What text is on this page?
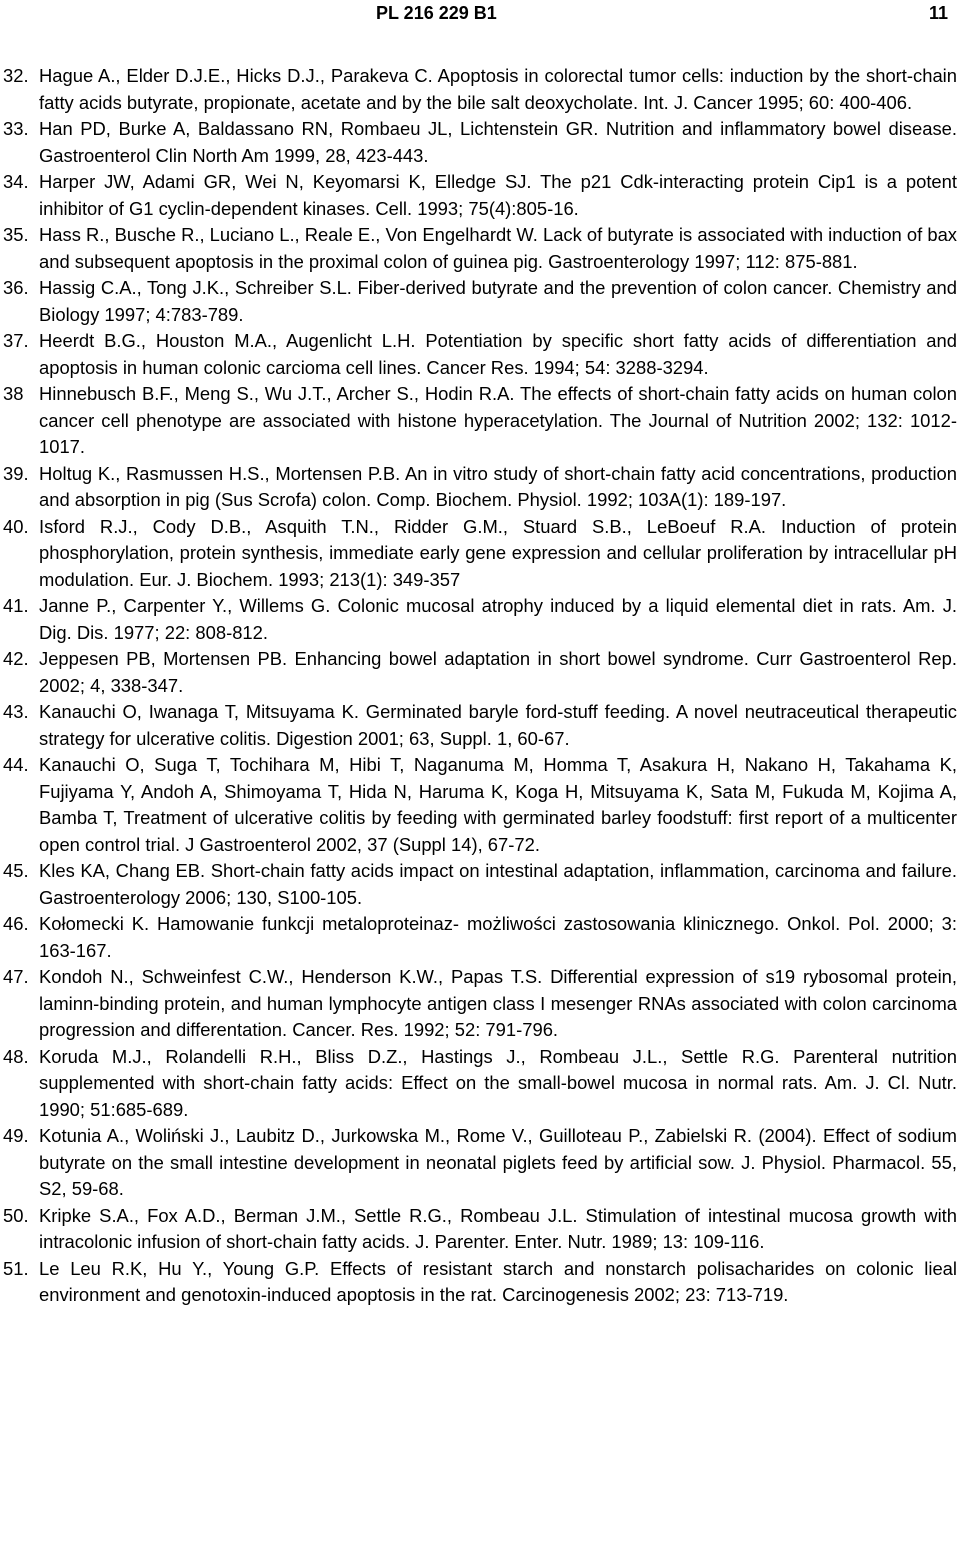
PL 216 229 B1	11
32. Hague A., Elder D.J.E., Hicks D.J., Parakeva C. Apoptosis in colorectal tumor cells: induction by the short-chain fatty acids butyrate, propionate, acetate and by the bile salt deoxycholate. Int. J. Cancer 1995; 60: 400-406.
33. Han PD, Burke A, Baldassano RN, Rombaeu JL, Lichtenstein GR. Nutrition and inflammatory bowel disease. Gastroenterol Clin North Am 1999, 28, 423-443.
34. Harper JW, Adami GR, Wei N, Keyomarsi K, Elledge SJ. The p21 Cdk-interacting protein Cip1 is a potent inhibitor of G1 cyclin-dependent kinases. Cell. 1993; 75(4):805-16.
35. Hass R., Busche R., Luciano L., Reale E., Von Engelhardt W. Lack of butyrate is associated with induction of bax and subsequent apoptosis in the proximal colon of guinea pig. Gastroenterology 1997; 112: 875-881.
36. Hassig C.A., Tong J.K., Schreiber S.L. Fiber-derived butyrate and the prevention of colon cancer. Chemistry and Biology 1997; 4:783-789.
37. Heerdt B.G., Houston M.A., Augenlicht L.H. Potentiation by specific short fatty acids of differentiation and apoptosis in human colonic carcioma cell lines. Cancer Res. 1994; 54: 3288-3294.
38 Hinnebusch B.F., Meng S., Wu J.T., Archer S., Hodin R.A. The effects of short-chain fatty acids on human colon cancer cell phenotype are associated with histone hyperacetylation. The Journal of Nutrition 2002; 132: 1012-1017.
39. Holtug K., Rasmussen H.S., Mortensen P.B. An in vitro study of short-chain fatty acid concentrations, production and absorption in pig (Sus Scrofa) colon. Comp. Biochem. Physiol. 1992; 103A(1): 189-197.
40. Isford R.J., Cody D.B., Asquith T.N., Ridder G.M., Stuard S.B., LeBoeuf R.A. Induction of protein phosphorylation, protein synthesis, immediate early gene expression and cellular proliferation by intracellular pH modulation. Eur. J. Biochem. 1993; 213(1): 349-357
41. Janne P., Carpenter Y., Willems G. Colonic mucosal atrophy induced by a liquid elemental diet in rats. Am. J. Dig. Dis. 1977; 22: 808-812.
42. Jeppesen PB, Mortensen PB. Enhancing bowel adaptation in short bowel syndrome. Curr Gastroenterol Rep. 2002; 4, 338-347.
43. Kanauchi O, Iwanaga T, Mitsuyama K. Germinated baryle ford-stuff feeding. A novel neutraceutical therapeutic strategy for ulcerative colitis. Digestion 2001; 63, Suppl. 1, 60-67.
44. Kanauchi O, Suga T, Tochihara M, Hibi T, Naganuma M, Homma T, Asakura H, Nakano H, Takahama K, Fujiyama Y, Andoh A, Shimoyama T, Hida N, Haruma K, Koga H, Mitsuyama K, Sata M, Fukuda M, Kojima A, Bamba T, Treatment of ulcerative colitis by feeding with germinated barley foodstuff: first report of a multicenter open control trial. J Gastroenterol 2002, 37 (Suppl 14), 67-72.
45. Kles KA, Chang EB. Short-chain fatty acids impact on intestinal adaptation, inflammation, carcinoma and failure. Gastroenterology 2006; 130, S100-105.
46. Kołomecki K. Hamowanie funkcji metaloproteinaz- możliwości zastosowania klinicznego. Onkol. Pol. 2000; 3: 163-167.
47. Kondoh N., Schweinfest C.W., Henderson K.W., Papas T.S. Differential expression of s19 rybosomal protein, laminn-binding protein, and human lymphocyte antigen class I mesenger RNAs associated with colon carcinoma progression and differentation. Cancer. Res. 1992; 52: 791-796.
48. Koruda M.J., Rolandelli R.H., Bliss D.Z., Hastings J., Rombeau J.L., Settle R.G. Parenteral nutrition supplemented with short-chain fatty acids: Effect on the small-bowel mucosa in normal rats. Am. J. Cl. Nutr. 1990; 51:685-689.
49. Kotunia A., Woliński J., Laubitz D., Jurkowska M., Rome V., Guilloteau P., Zabielski R. (2004). Effect of sodium butyrate on the small intestine development in neonatal piglets feed by artificial sow. J. Physiol. Pharmacol. 55, S2, 59-68.
50. Kripke S.A., Fox A.D., Berman J.M., Settle R.G., Rombeau J.L. Stimulation of intestinal mucosa growth with intracolonic infusion of short-chain fatty acids. J. Parenter. Enter. Nutr. 1989; 13: 109-116.
51. Le Leu R.K, Hu Y., Young G.P. Effects of resistant starch and nonstarch polisacharides on colonic lieal environment and genotoxin-induced apoptosis in the rat. Carcinogenesis 2002; 23: 713-719.
